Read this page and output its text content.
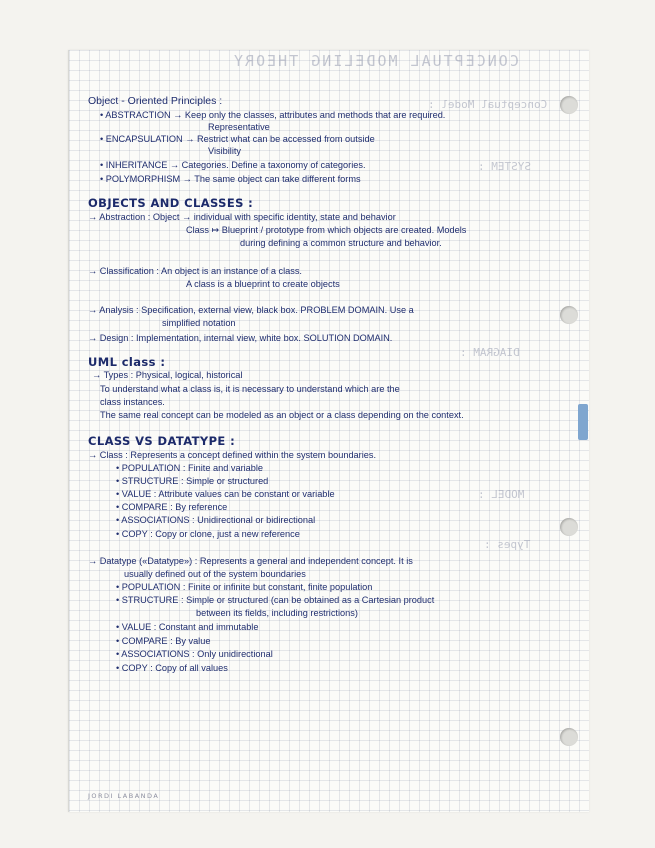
CONCEPTUAL MODELING THEORY
Conceptual Model :
SYSTEM :
DIAGRAM :
MODEL :
Types :
Object - Oriented Principles :
• ABSTRACTION → Keep only the classes, attributes and methods that are required.
Representative
• ENCAPSULATION → Restrict what can be accessed from outside
Visibility
• INHERITANCE → Categories. Define a taxonomy of categories.
• POLYMORPHISM → The same object can take different forms
OBJECTS AND CLASSES :
→ Abstraction : Object → individual with specific identity, state and behavior
Class ↦ Blueprint / prototype from which objects are created. Models
during defining a common structure and behavior.
→ Classification : An object is an instance of a class.
A class is a blueprint to create objects
→ Analysis : Specification, external view, black box. PROBLEM DOMAIN. Use a
simplified notation
→ Design : Implementation, internal view, white box. SOLUTION DOMAIN.
UML class :
→ Types : Physical, logical, historical
To understand what a class is, it is necessary to understand which are the
class instances.
The same real concept can be modeled as an object or a class depending on the context.
CLASS VS DATATYPE :
→ Class : Represents a concept defined within the system boundaries.
• POPULATION : Finite and variable
• STRUCTURE : Simple or structured
• VALUE : Attribute values can be constant or variable
• COMPARE : By reference
• ASSOCIATIONS : Unidirectional or bidirectional
• COPY : Copy or clone, just a new reference
→ Datatype («Datatype») : Represents a general and independent concept. It is
usually defined out of the system boundaries
• POPULATION : Finite or infinite but constant, finite population
• STRUCTURE : Simple or structured (can be obtained as a Cartesian product
between its fields, including restrictions)
• VALUE : Constant and immutable
• COMPARE : By value
• ASSOCIATIONS : Only unidirectional
• COPY : Copy of all values
JORDI LABANDA
